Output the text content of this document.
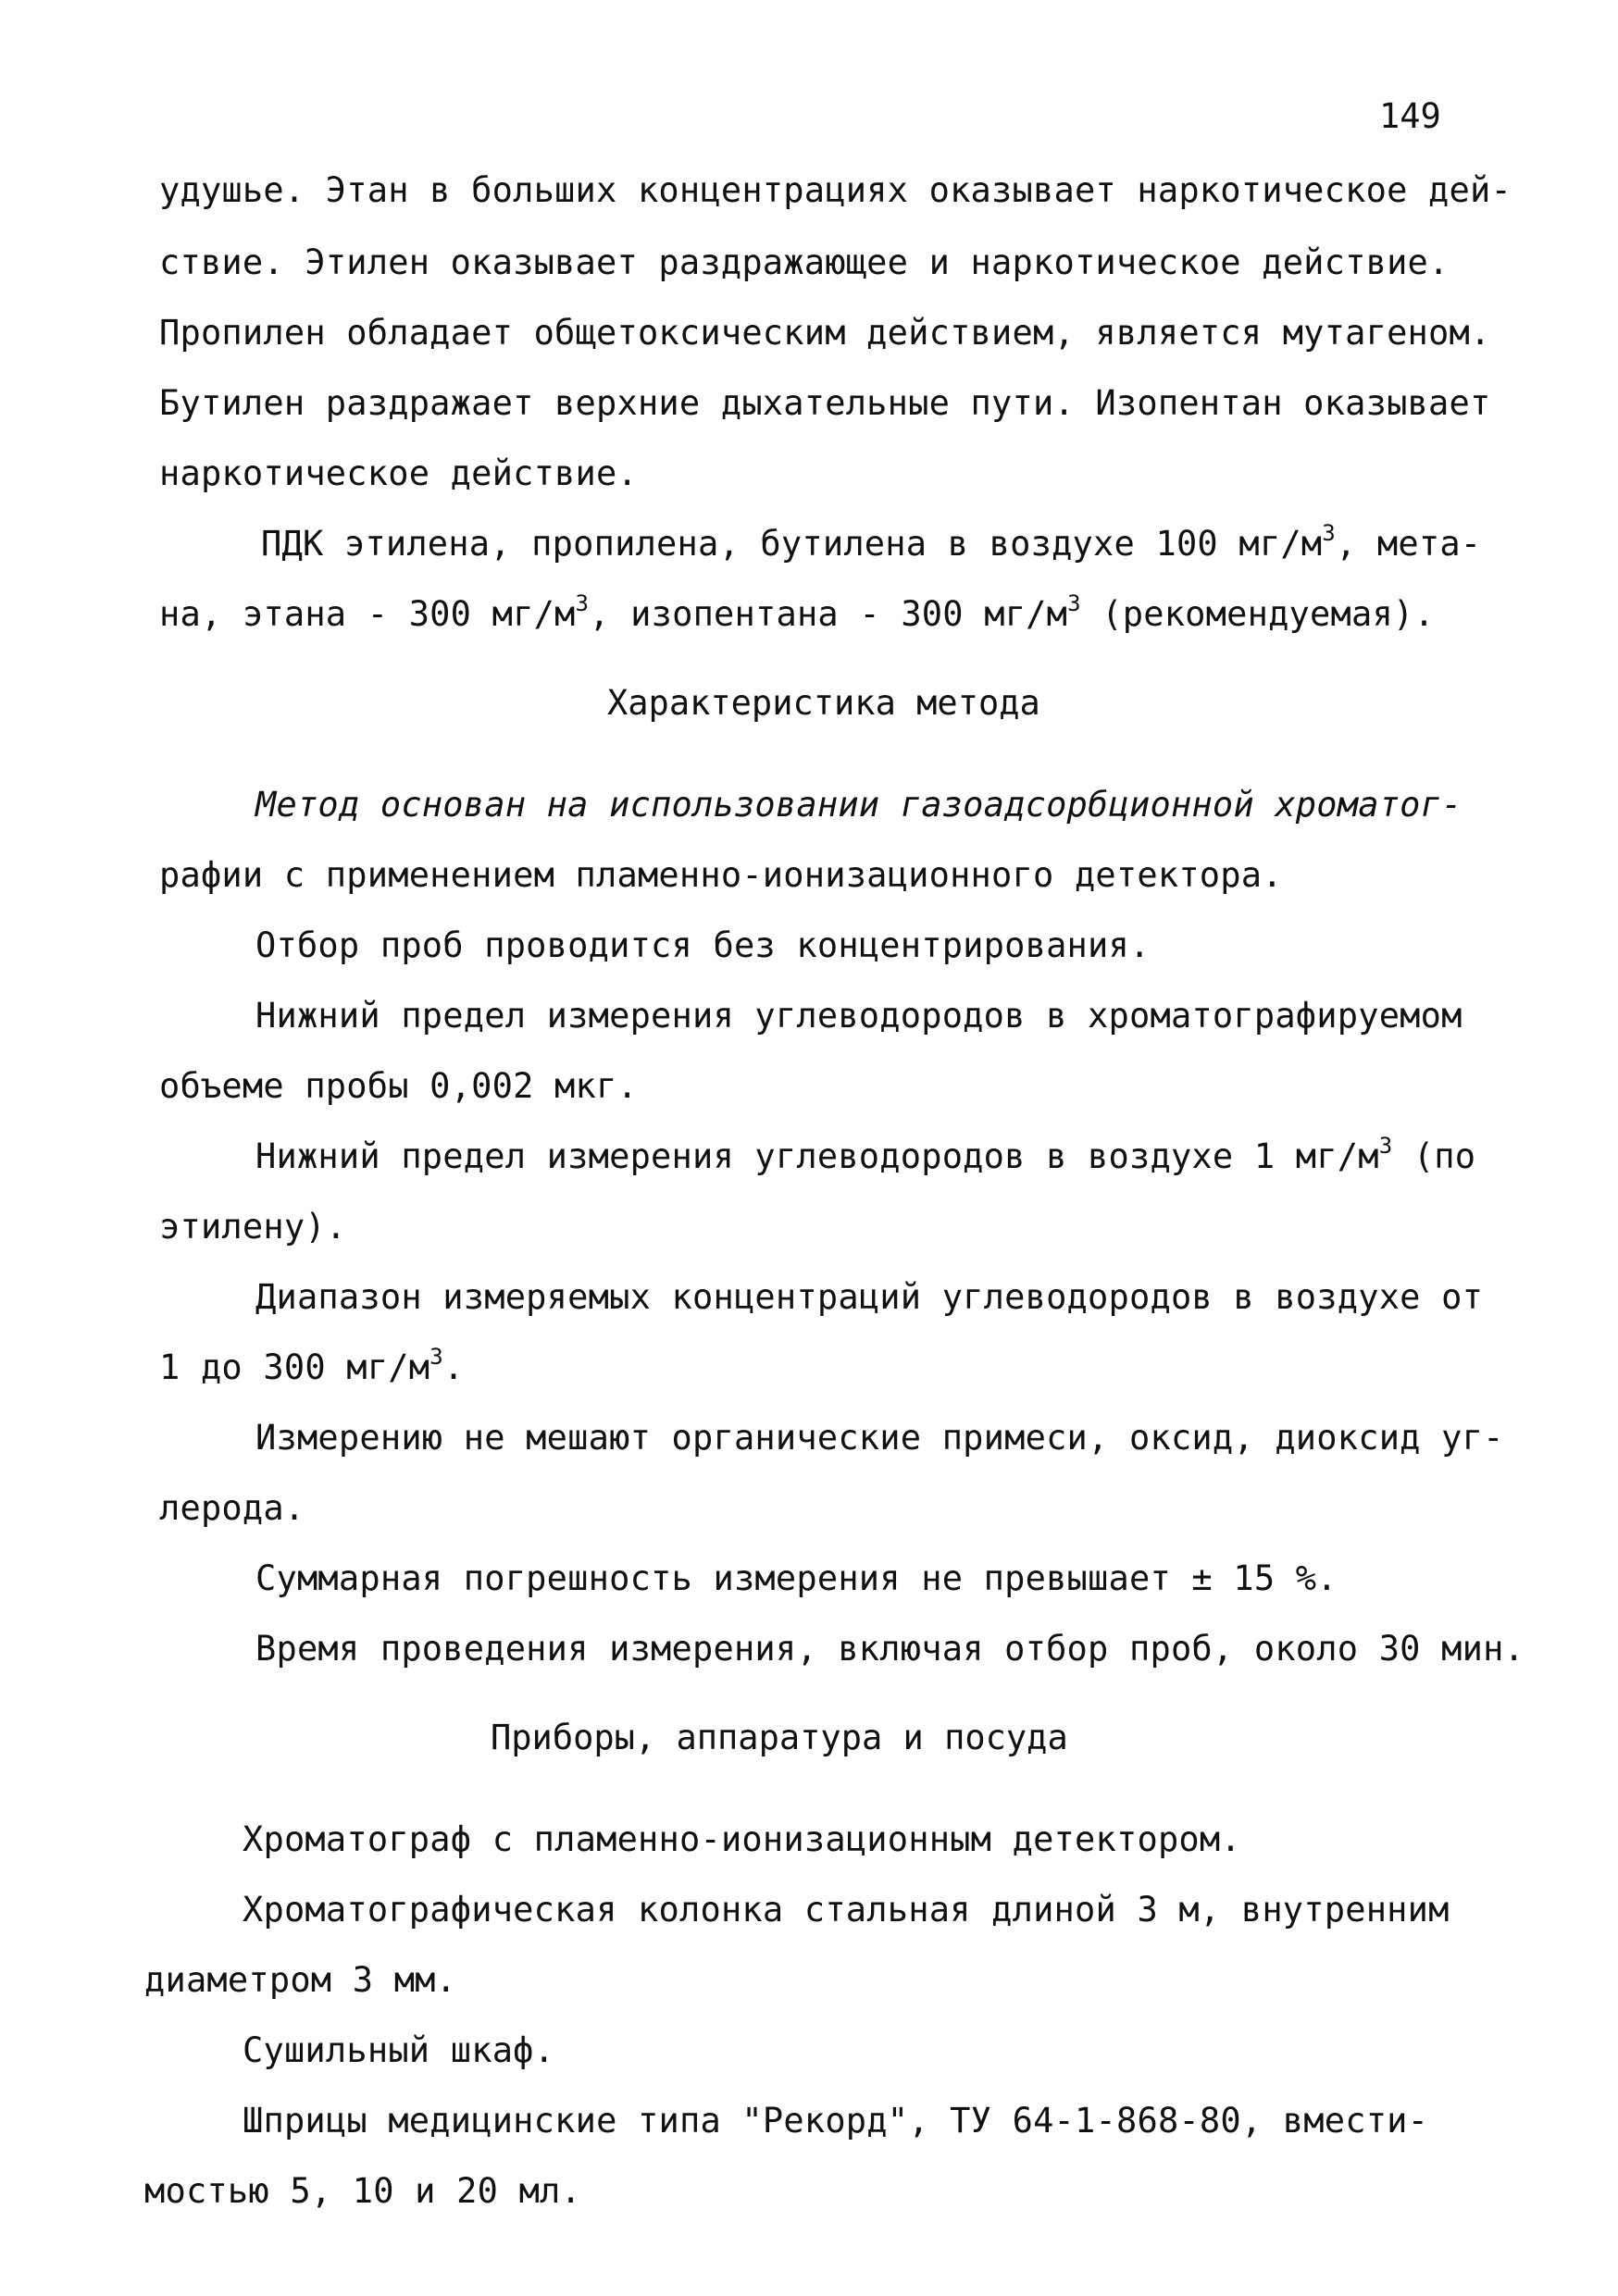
149
удушье. Этан в больших концентрациях оказывает наркотическое дей-
ствие. Этилен оказывает раздражающее и наркотическое действие.
Пропилен обладает общетоксическим действием, является мутагеном.
Бутилен раздражает верхние дыхательные пути. Изопентан оказывает
наркотическое действие.
ПДК этилена, пропилена, бутилена в воздухе 100 $мг/м^3$, мета-
на, этана - 300 $мг/м^3$, изопентана - 300 $мг/м^3$ (рекомендуемая).
Характеристика метода
Метод основан на использовании газоадсорбционной хроматог-
рафии с применением пламенно-ионизационного детектора.
Отбор проб проводится без концентрирования.
Нижний предел измерения углеводородов в хроматографируемом
объеме пробы 0,002 мкг.
Нижний предел измерения углеводородов в воздухе 1 $мг/м^3$ (по
этилену).
Диапазон измеряемых концентраций углеводородов в воздухе от
1 до 300 $мг/м^3$.
Измерению не мешают органические примеси, оксид, диоксид уг-
лерода.
Суммарная погрешность измерения не превышает ± 15 %.
Время проведения измерения, включая отбор проб, около 30 мин.
Приборы, аппаратура и посуда
Хроматограф с пламенно-ионизационным детектором.
Хроматографическая колонка стальная длиной 3 м, внутренним
диаметром 3 мм.
Сушильный шкаф.
Шприцы медицинские типа "Рекорд", ТУ 64-1-868-80, вмести-
мостью 5, 10 и 20 мл.
